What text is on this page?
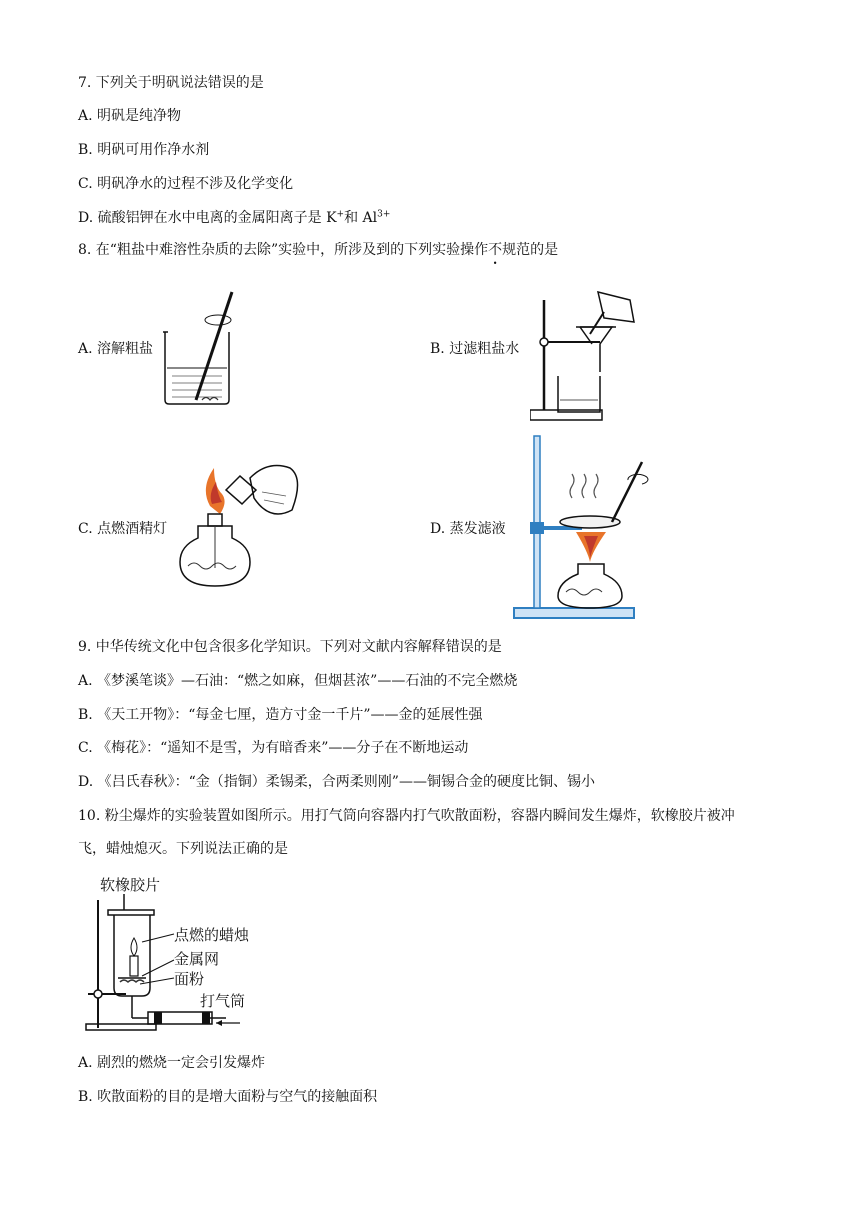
7. 下列关于明矾说法错误的是
A. 明矾是纯净物
B. 明矾可用作净水剂
C. 明矾净水的过程不涉及化学变化
D. 硫酸铝钾在水中电离的金属阳离子是 K+和 $Al^{3+}$
8. 在“粗盐中难溶性杂质的去除”实验中，所涉及到的下列实验操作不规范的是
A. 溶解粗盐	B. 过滤粗盐水
C. 点燃酒精灯	D. 蒸发滤液
9. 中华传统文化中包含很多化学知识。下列对文献内容解释错误的是
A. 《梦溪笔谈》—石油：“燃之如麻，但烟甚浓”——石油的不完全燃烧
B. 《天工开物》：“每金七厘，造方寸金一千片”——金的延展性强
C. 《梅花》：“遥知不是雪，为有暗香来”——分子在不断地运动
D. 《吕氏春秋》：“金（指铜）柔锡柔，合两柔则刚”——铜锡合金的硬度比铜、锡小
10. 粉尘爆炸的实验装置如图所示。用打气筒向容器内打气吹散面粉，容器内瞬间发生爆炸，软橡胶片被冲
飞，蜡烛熄灭。下列说法正确的是
软橡胶片
点燃的蜡烛
金属网
面粉
打气筒
A. 剧烈的燃烧一定会引发爆炸
B. 吹散面粉的目的是增大面粉与空气的接触面积
